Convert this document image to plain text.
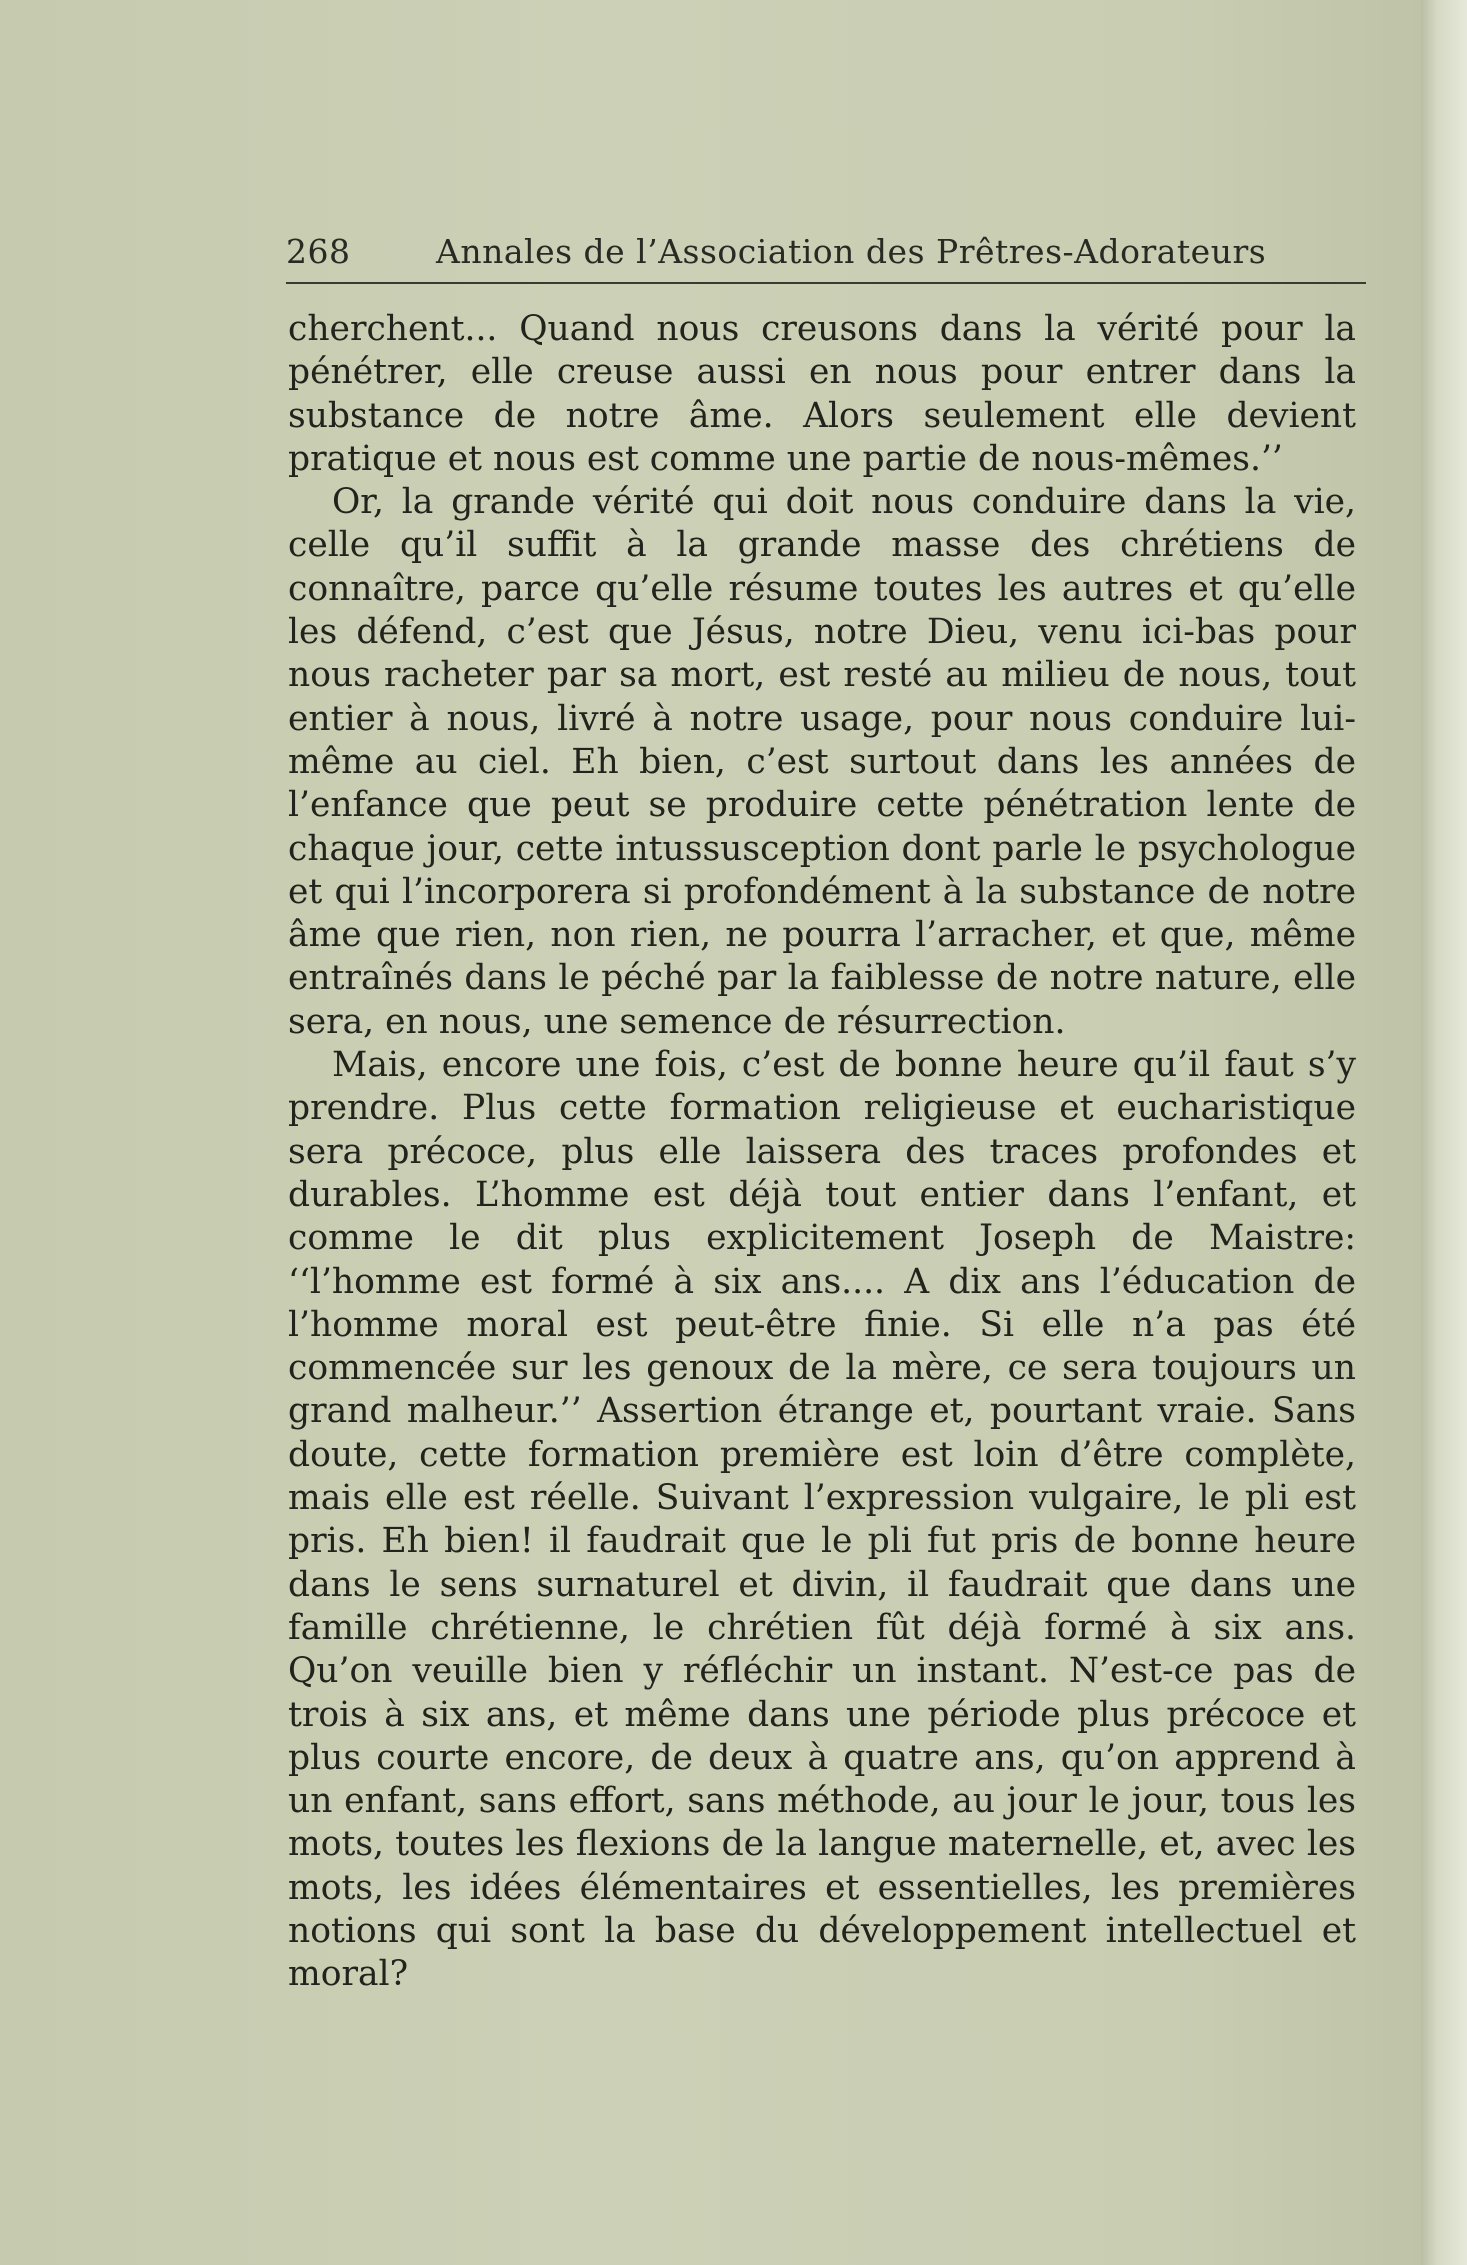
268	Annales de l’Association des Prêtres-Adorateurs

cherchent... Quand nous creusons dans la vérité pour la pénétrer, elle creuse aussi en nous pour entrer dans la substance de notre âme. Alors seulement elle devient pratique et nous est comme une partie de nous-mêmes.’’

Or, la grande vérité qui doit nous conduire dans la vie, celle qu’il suffit à la grande masse des chrétiens de connaître, parce qu’elle résume toutes les autres et qu’elle les défend, c’est que Jésus, notre Dieu, venu ici-bas pour nous racheter par sa mort, est resté au milieu de nous, tout entier à nous, livré à notre usage, pour nous conduire lui-même au ciel. Eh bien, c’est surtout dans les années de l’enfance que peut se produire cette pénétration lente de chaque jour, cette intussusception dont parle le psychologue et qui l’incorporera si profondément à la substance de notre âme que rien, non rien, ne pourra l’arracher, et que, même entraînés dans le péché par la faiblesse de notre nature, elle sera, en nous, une semence de résurrection.

Mais, encore une fois, c’est de bonne heure qu’il faut s’y prendre. Plus cette formation religieuse et eucharistique sera précoce, plus elle laissera des traces profondes et durables. L’homme est déjà tout entier dans l’enfant, et comme le dit plus explicitement Joseph de Maistre: ‘‘l’homme est formé à six ans.... A dix ans l’éducation de l’homme moral est peut-être finie. Si elle n’a pas été commencée sur les genoux de la mère, ce sera toujours un grand malheur.’’ Assertion étrange et, pourtant vraie. Sans doute, cette formation première est loin d’être complète, mais elle est réelle. Suivant l’expression vulgaire, le pli est pris. Eh bien! il faudrait que le pli fut pris de bonne heure dans le sens surnaturel et divin, il faudrait que dans une famille chrétienne, le chrétien fût déjà formé à six ans. Qu’on veuille bien y réfléchir un instant. N’est-ce pas de trois à six ans, et même dans une période plus précoce et plus courte encore, de deux à quatre ans, qu’on apprend à un enfant, sans effort, sans méthode, au jour le jour, tous les mots, toutes les flexions de la langue maternelle, et, avec les mots, les idées élémentaires et essentielles, les premières notions qui sont la base du développement intellectuel et moral?
